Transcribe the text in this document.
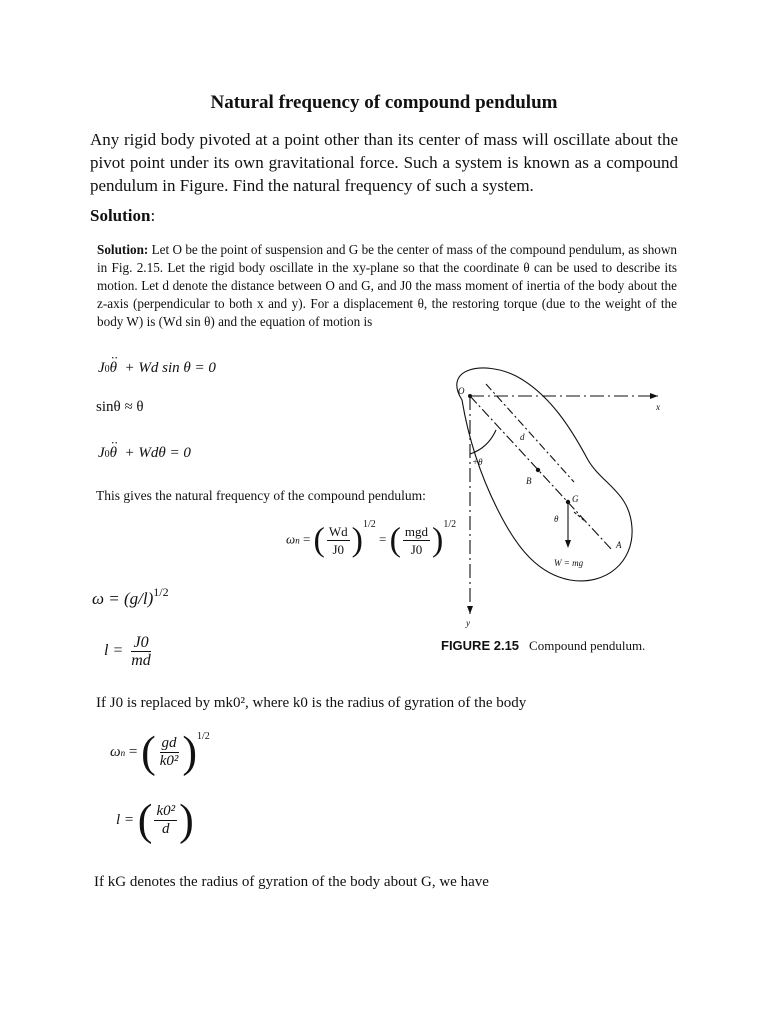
Natural frequency of compound pendulum
Any rigid body pivoted at a point other than its center of mass will oscillate about the pivot point under its own gravitational force. Such a system is known as a compound pendulum in Figure. Find the natural frequency of such a system.
Solution:
Solution: Let O be the point of suspension and G be the center of mass of the compound pendulum, as shown in Fig. 2.15. Let the rigid body oscillate in the xy-plane so that the coordinate θ can be used to describe its motion. Let d denote the distance between O and G, and J0 the mass moment of inertia of the body about the z-axis (perpendicular to both x and y). For a displacement θ, the restoring torque (due to the weight of the body W) is (Wd sin θ) and the equation of motion is
J0·· θ + Wd sin θ = 0
sinθ ≈ θ
J0·· θ + Wdθ = 0
This gives the natural frequency of the compound pendulum:
ωn = ( $\frac{Wd}{J0} )^{1/2}$ = ( $\frac{\text{mgd}}{J0} )^{1/2}$
$\omega = (g/l)^{1/2}$
$l = \frac{J0}{md}$	FIGURE 2.15 Compound pendulum.
If J0 is replaced by mk0², where k0 is the radius of gyration of the body
ωn = ( $\frac{gd}{\text{k0²}} )^{1/2}$
l = ( $\frac{\text{k0²}}{d}$ )
If kG denotes the radius of gyration of the body about G, we have
O
x
y
d
+θ
B
G
θ
A
W = mg
